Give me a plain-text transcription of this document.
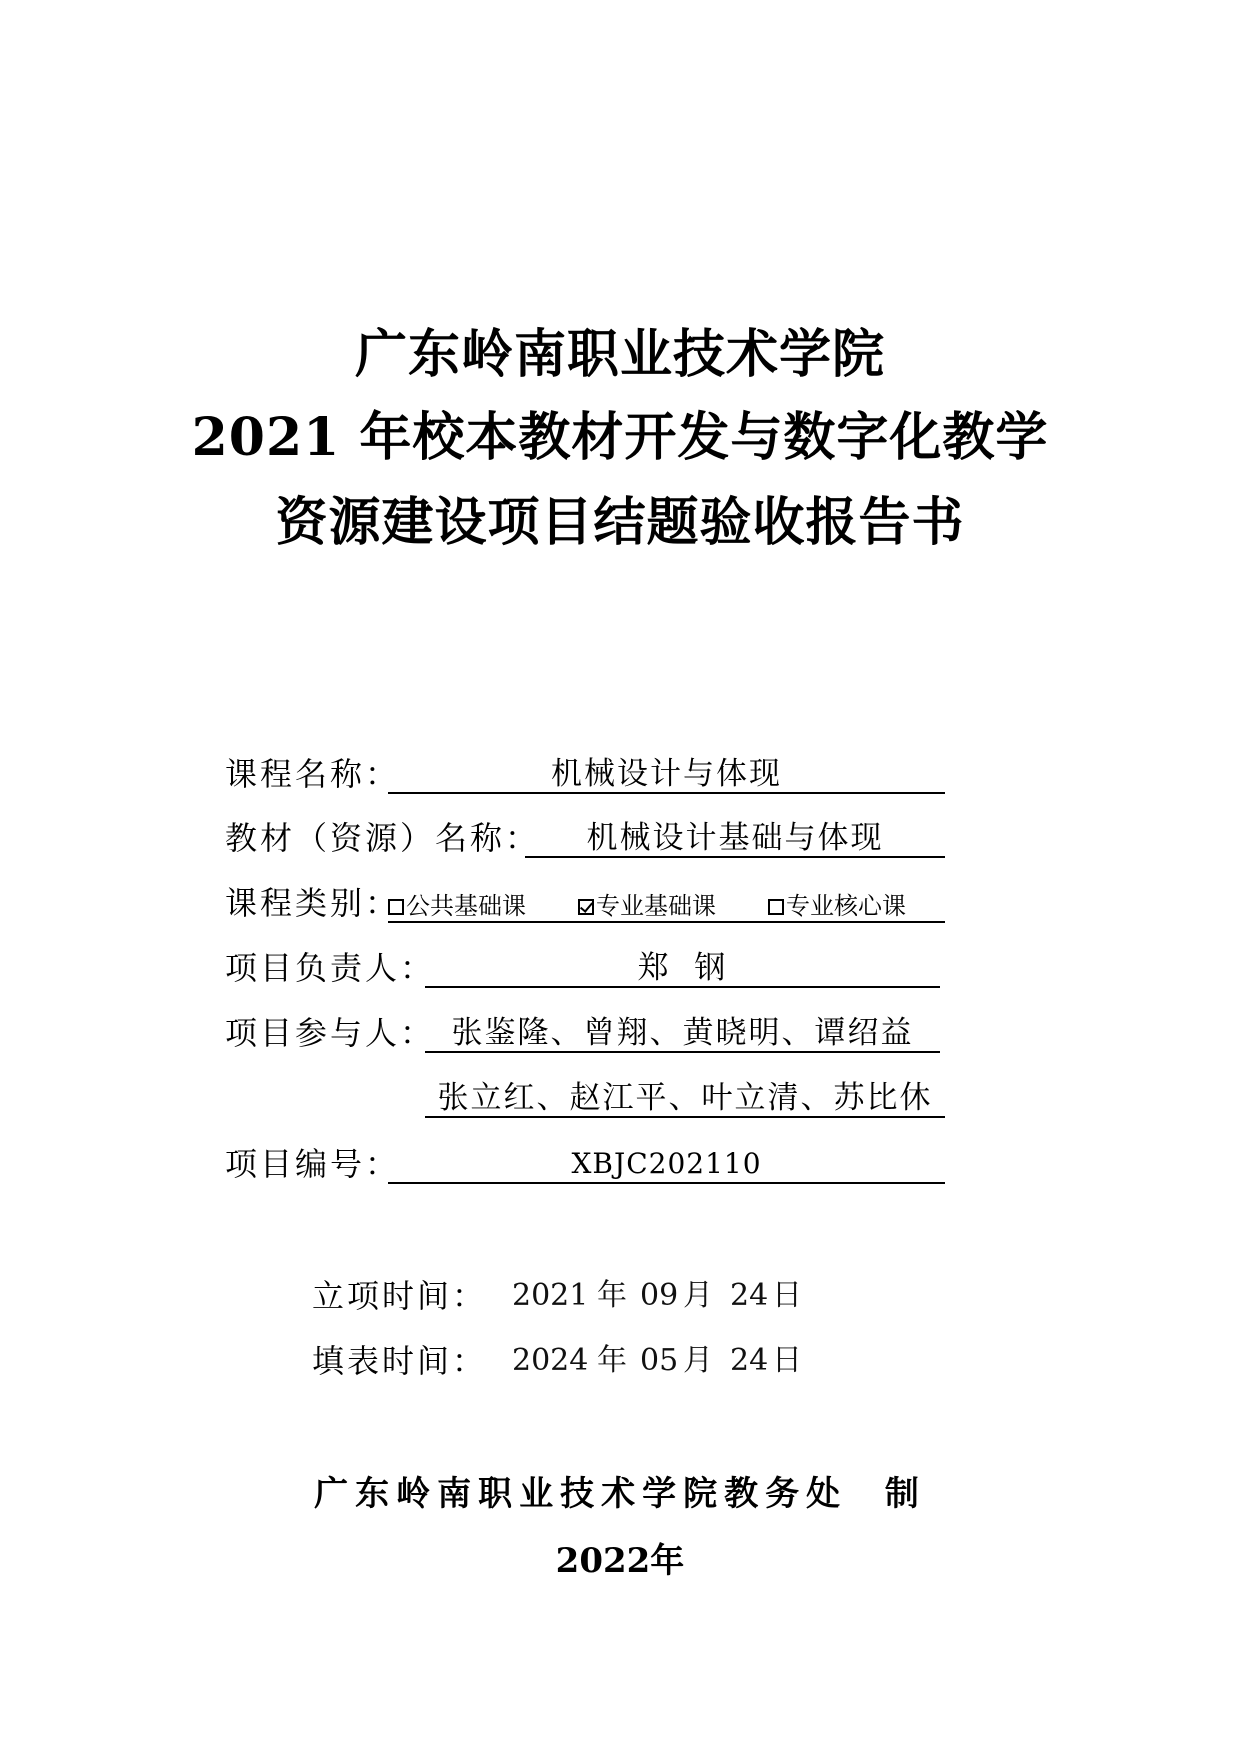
广东岭南职业技术学院
2021 年校本教材开发与数字化教学
资源建设项目结题验收报告书
课程名称：	机械设计与体现
教材（资源）名称：	机械设计基础与体现
课程类别： 公共基础课	专业基础课	专业核心课
项目负责人：	郑  钢
项目参与人： 张鉴隆、曾翔、黄晓明、谭绍益
张立红、赵江平、叶立清、苏比休
项目编号：	XBJC202110
立项时间： 2021 年 09 月 24 日
填表时间： 2024 年 05 月 24 日
广东岭南职业技术学院教务处  制
2022年
